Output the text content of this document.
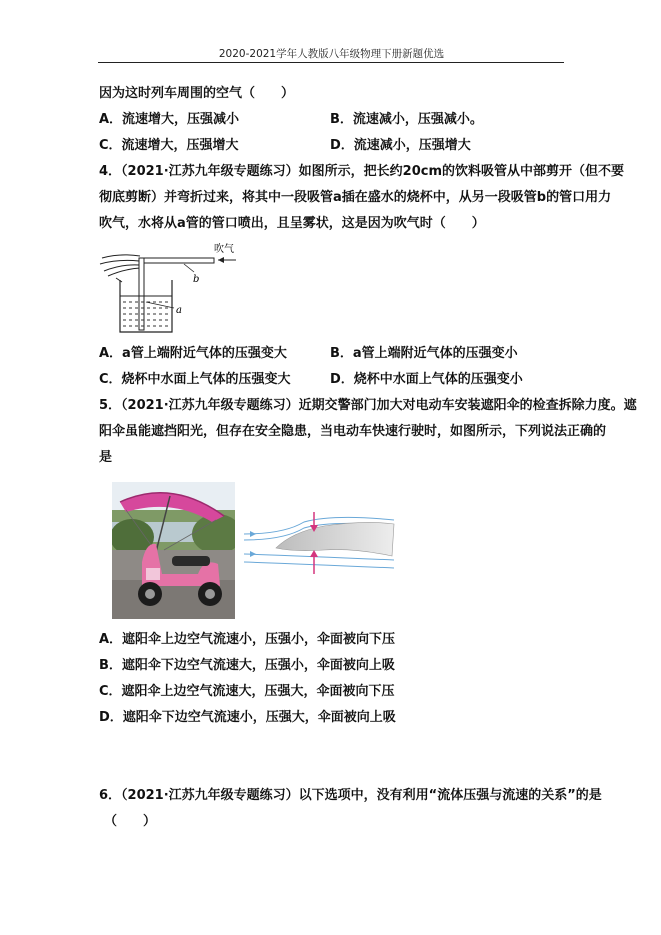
2020-2021学年人教版八年级物理下册新题优选
因为这时列车周围的空气（　　）
A．流速增大，压强减小	B．流速减小，压强减小。
C．流速增大，压强增大	D．流速减小，压强增大
4．（2021·江苏九年级专题练习）如图所示，把长约20cm的饮料吸管从中部剪开（但不要
彻底剪断）并弯折过来，将其中一段吸管a插在盛水的烧杯中，从另一段吸管b的管口用力
吹气，水将从a管的管口喷出，且呈雾状，这是因为吹气时（　　）
吹气
b
a
A．a管上端附近气体的压强变大	B．a管上端附近气体的压强变小
C．烧杯中水面上气体的压强变大	D．烧杯中水面上气体的压强变小
5．（2021·江苏九年级专题练习）近期交警部门加大对电动车安装遮阳伞的检查拆除力度。遮
阳伞虽能遮挡阳光，但存在安全隐患，当电动车快速行驶时，如图所示，下列说法正确的
是
A．遮阳伞上边空气流速小，压强小，伞面被向下压
B．遮阳伞下边空气流速大，压强小，伞面被向上吸
C．遮阳伞上边空气流速大，压强大，伞面被向下压
D．遮阳伞下边空气流速小，压强大，伞面被向上吸
6．（2021·江苏九年级专题练习）以下选项中，没有利用“流体压强与流速的关系”的是
（　　）
